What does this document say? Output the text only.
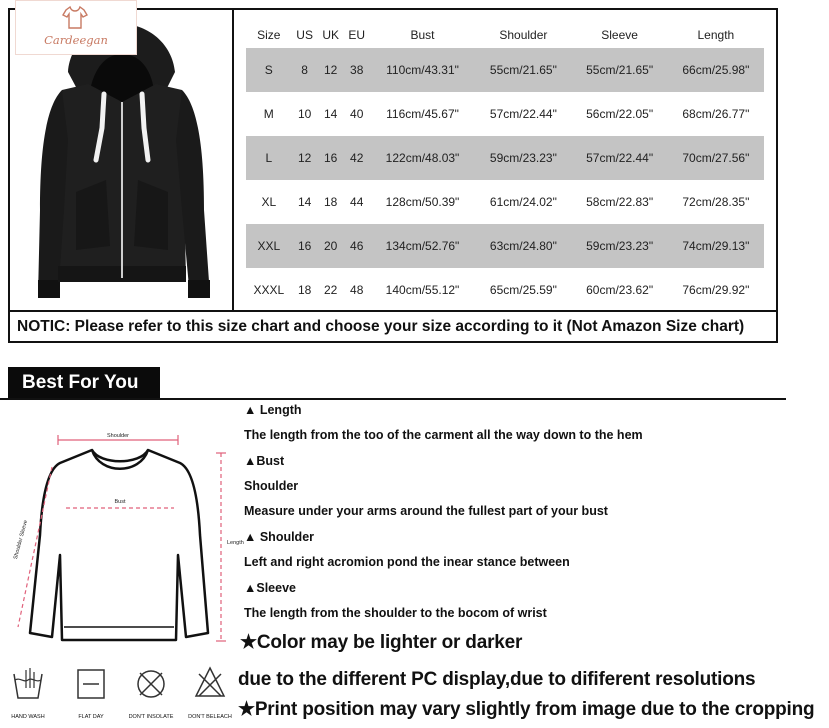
Size	US	UK	EU	Bust	Shoulder	Sleeve	Length
S	8	12	38	110cm/43.31"	55cm/21.65"	55cm/21.65"	66cm/25.98"
M	10	14	40	116cm/45.67"	57cm/22.44"	56cm/22.05"	68cm/26.77"
L	12	16	42	122cm/48.03"	59cm/23.23"	57cm/22.44"	70cm/27.56"
XL	14	18	44	128cm/50.39"	61cm/24.02"	58cm/22.83"	72cm/28.35"
XXL	16	20	46	134cm/52.76"	63cm/24.80"	59cm/23.23"	74cm/29.13"
XXXL	18	22	48	140cm/55.12"	65cm/25.59"	60cm/23.62"	76cm/29.92"
NOTIC: Please refer to this size chart and choose your size according to it (Not Amazon Size chart)
Cardeegan
Best For You
Shoulder
Bust
Shoulder Sleeve	Length
HAND WASH	FLAT DAY	DON'T INSOLATE	DON'T BELEACH
▲ Length
The length from the too of the carment all the way down to the hem
▲Bust
Shoulder
Measure under your arms around the fullest part of your bust
▲ Shoulder
Left and right acromion pond the inear stance between
▲Sleeve
The length from the shoulder to the bocom of wrist
★Color may be lighter or darker
due to the different PC display,due to dififerent resolutions
★Print position may vary slightly from image due to the cropping
